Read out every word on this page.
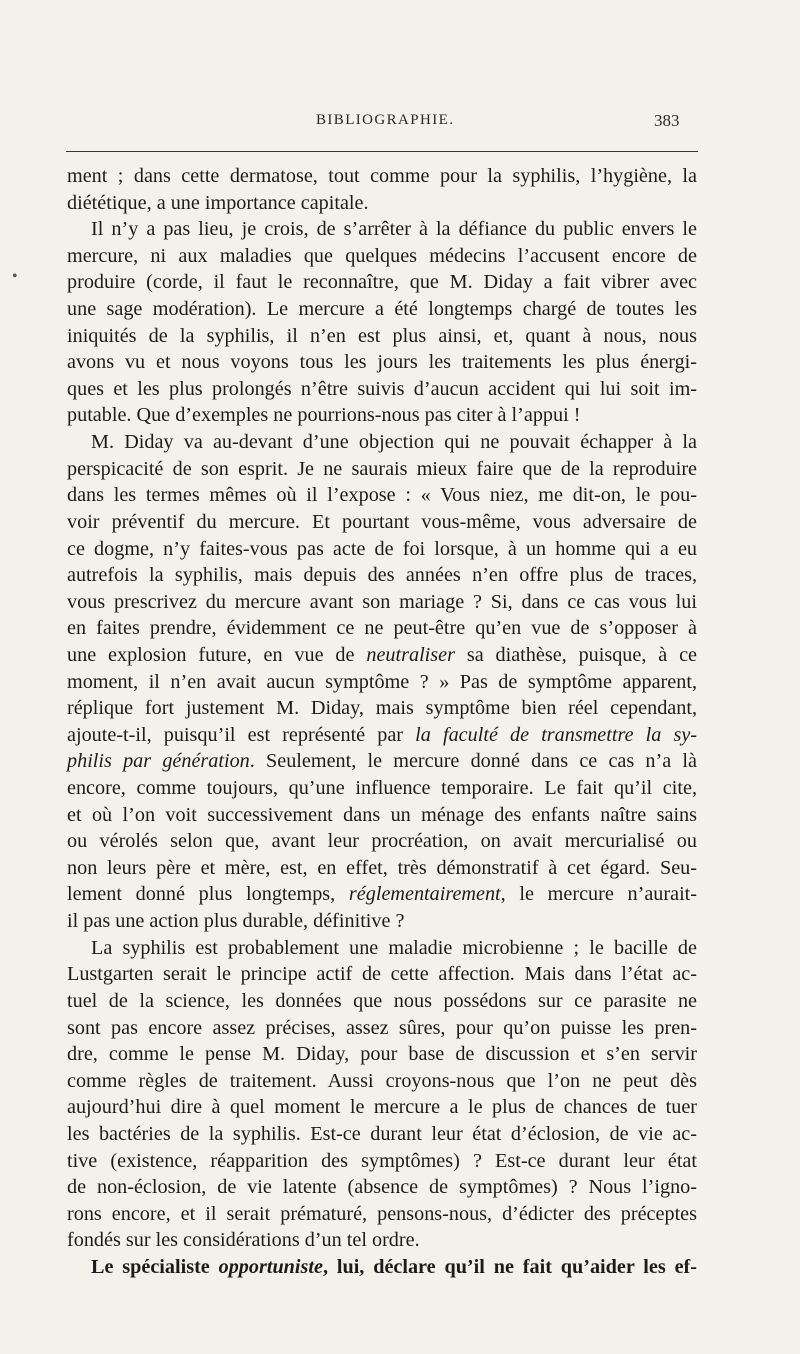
BIBLIOGRAPHIE.	383
•
ment ; dans cette dermatose, tout comme pour la syphilis, l’hygiène, la
diététique, a une importance capitale.
Il n’y a pas lieu, je crois, de s’arrêter à la défiance du public envers le
mercure, ni aux maladies que quelques médecins l’accusent encore de
produire (corde, il faut le reconnaître, que M. Diday a fait vibrer avec
une sage modération). Le mercure a été longtemps chargé de toutes les
iniquités de la syphilis, il n’en est plus ainsi, et, quant à nous, nous
avons vu et nous voyons tous les jours les traitements les plus énergi-
ques et les plus prolongés n’être suivis d’aucun accident qui lui soit im-
putable. Que d’exemples ne pourrions-nous pas citer à l’appui !
M. Diday va au-devant d’une objection qui ne pouvait échapper à la
perspicacité de son esprit. Je ne saurais mieux faire que de la reproduire
dans les termes mêmes où il l’expose : « Vous niez, me dit-on, le pou-
voir préventif du mercure. Et pourtant vous-même, vous adversaire de
ce dogme, n’y faites-vous pas acte de foi lorsque, à un homme qui a eu
autrefois la syphilis, mais depuis des années n’en offre plus de traces,
vous prescrivez du mercure avant son mariage ? Si, dans ce cas vous lui
en faites prendre, évidemment ce ne peut-être qu’en vue de s’opposer à
une explosion future, en vue de neutraliser sa diathèse, puisque, à ce
moment, il n’en avait aucun symptôme ? » Pas de symptôme apparent,
réplique fort justement M. Diday, mais symptôme bien réel cependant,
ajoute-t-il, puisqu’il est représenté par la faculté de transmettre la sy-
philis par génération. Seulement, le mercure donné dans ce cas n’a là
encore, comme toujours, qu’une influence temporaire. Le fait qu’il cite,
et où l’on voit successivement dans un ménage des enfants naître sains
ou vérolés selon que, avant leur procréation, on avait mercurialisé ou
non leurs père et mère, est, en effet, très démonstratif à cet égard. Seu-
lement donné plus longtemps, réglementairement, le mercure n’aurait-
il pas une action plus durable, définitive ?
La syphilis est probablement une maladie microbienne ; le bacille de
Lustgarten serait le principe actif de cette affection. Mais dans l’état ac-
tuel de la science, les données que nous possédons sur ce parasite ne
sont pas encore assez précises, assez sûres, pour qu’on puisse les pren-
dre, comme le pense M. Diday, pour base de discussion et s’en servir
comme règles de traitement. Aussi croyons-nous que l’on ne peut dès
aujourd’hui dire à quel moment le mercure a le plus de chances de tuer
les bactéries de la syphilis. Est-ce durant leur état d’éclosion, de vie ac-
tive (existence, réapparition des symptômes) ? Est-ce durant leur état
de non-éclosion, de vie latente (absence de symptômes) ? Nous l’igno-
rons encore, et il serait prématuré, pensons-nous, d’édicter des préceptes
fondés sur les considérations d’un tel ordre.
Le spécialiste opportuniste, lui, déclare qu’il ne fait qu’aider les ef-
